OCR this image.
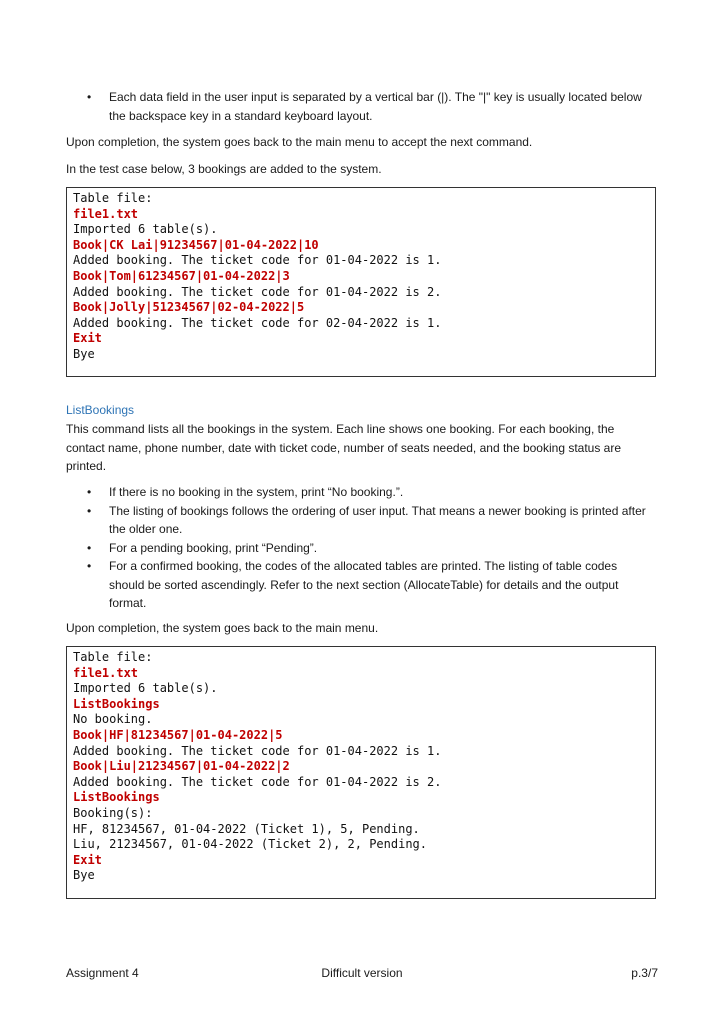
• Each data field in the user input is separated by a vertical bar (|). The "|" key is usually located below the backspace key in a standard keyboard layout.

Upon completion, the system goes back to the main menu to accept the next command.

In the test case below, 3 bookings are added to the system.

Table file:
file1.txt
Imported 6 table(s).
Book|CK Lai|91234567|01-04-2022|10
Added booking. The ticket code for 01-04-2022 is 1.
Book|Tom|61234567|01-04-2022|3
Added booking. The ticket code for 01-04-2022 is 2.
Book|Jolly|51234567|02-04-2022|5
Added booking. The ticket code for 02-04-2022 is 1.
Exit
Bye

ListBookings

This command lists all the bookings in the system. Each line shows one booking. For each booking, the contact name, phone number, date with ticket code, number of seats needed, and the booking status are printed.

• If there is no booking in the system, print “No booking.”.
• The listing of bookings follows the ordering of user input. That means a newer booking is printed after the older one.
• For a pending booking, print “Pending”.
• For a confirmed booking, the codes of the allocated tables are printed. The listing of table codes should be sorted ascendingly. Refer to the next section (AllocateTable) for details and the output format.

Upon completion, the system goes back to the main menu.

Table file:
file1.txt
Imported 6 table(s).
ListBookings
No booking.
Book|HF|81234567|01-04-2022|5
Added booking. The ticket code for 01-04-2022 is 1.
Book|Liu|21234567|01-04-2022|2
Added booking. The ticket code for 01-04-2022 is 2.
ListBookings
Booking(s):
HF, 81234567, 01-04-2022 (Ticket 1), 5, Pending.
Liu, 21234567, 01-04-2022 (Ticket 2), 2, Pending.
Exit
Bye
Assignment 4	Difficult version	p.3/7
